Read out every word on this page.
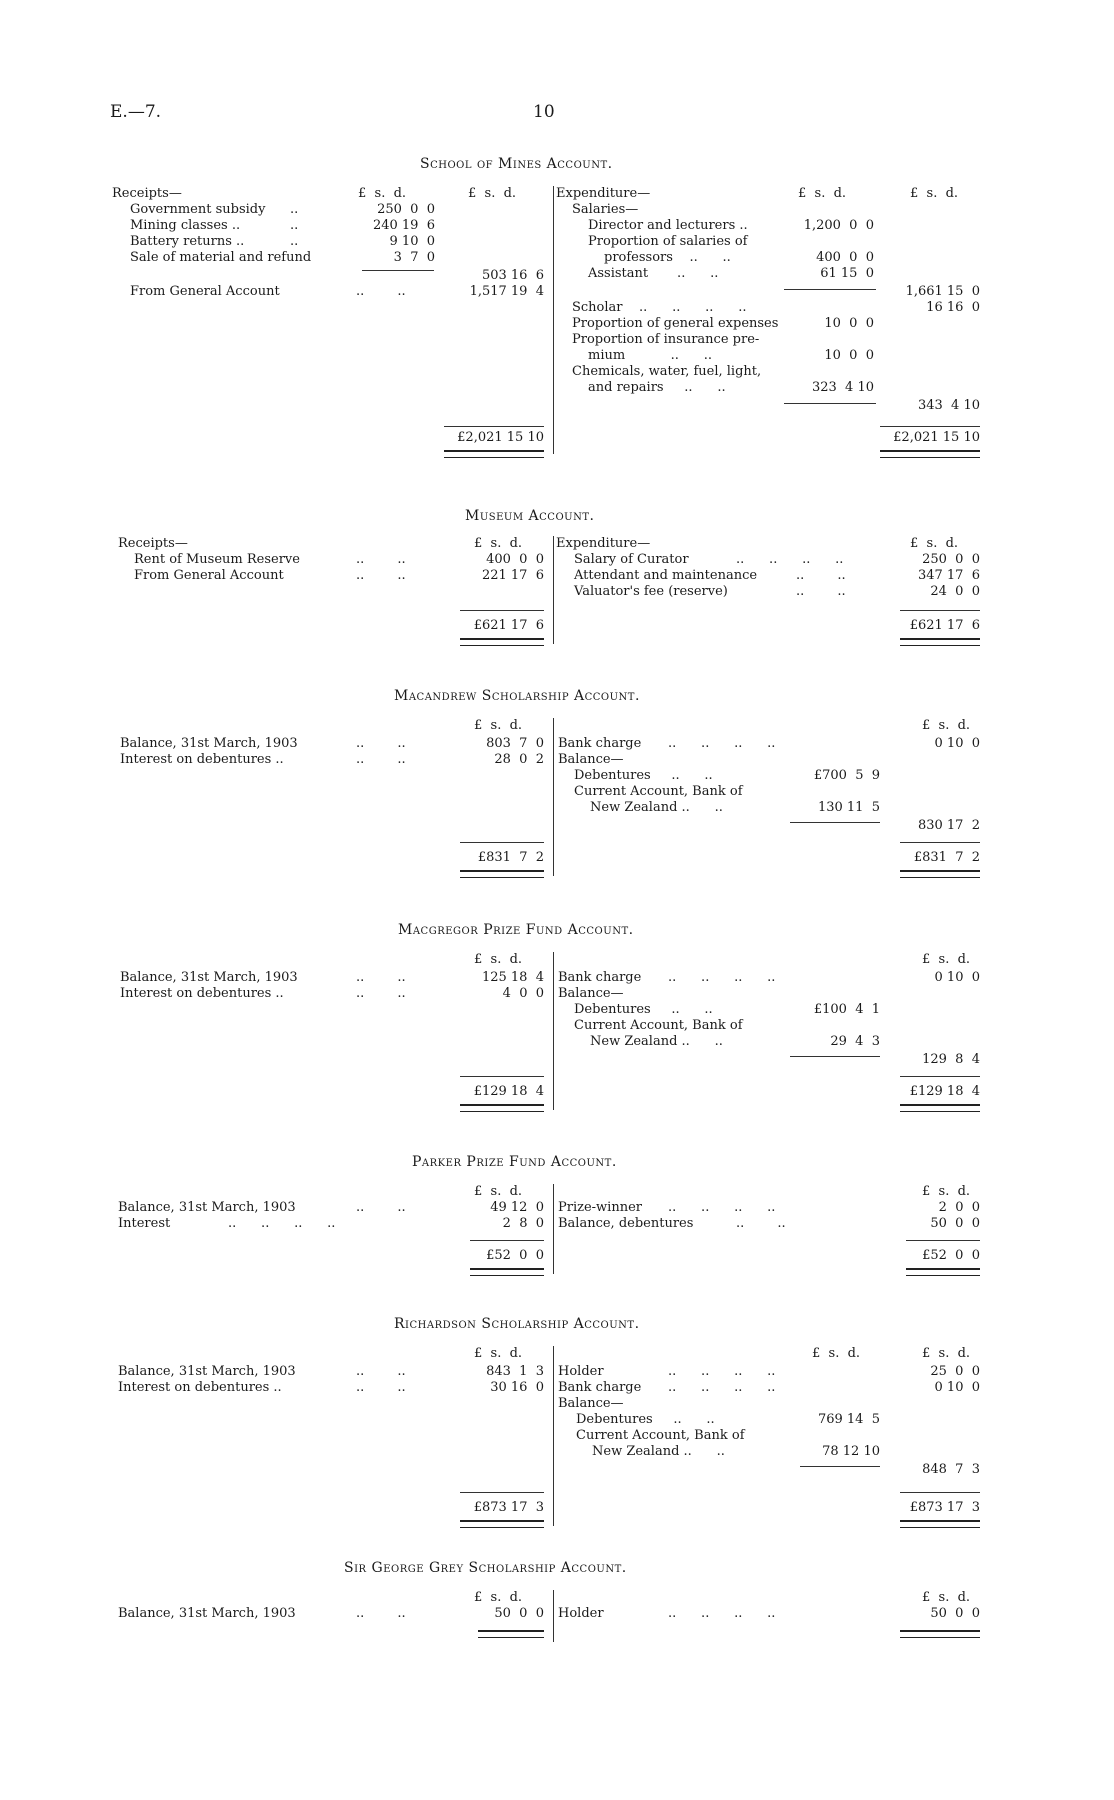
E.—7.	10
School of Mines Account.
Receipts—	£  s.  d.	£  s.  d.
Government subsidy ..	250  0  0
Mining classes ..	..	240 19  6
Battery returns ..	..	9 10  0
Sale of material and refund	3  7  0
503 16  6
From General Account	..        ..	1,517 19  4
£2,021 15 10
Expenditure—	£  s.  d.	£  s.  d.
Salaries—
Director and lecturers ..	1,200  0  0
Proportion of salaries of
professors    ..      ..	400  0  0
Assistant       ..      ..	61 15  0
1,661 15  0
Scholar    ..      ..      ..      ..	16 16  0
Proportion of general expenses	10  0  0
Proportion of insurance pre-
mium           ..      ..	10  0  0
Chemicals, water, fuel, light,
and repairs     ..      ..	323  4 10
343  4 10
£2,021 15 10
Museum Account.
Receipts—	£  s.  d.
Rent of Museum Reserve	..        ..	400  0  0
From General Account	..        ..	221 17  6
£621 17  6
Expenditure—	£  s.  d.
Salary of Curator	..      ..      ..      ..	250  0  0
Attendant and maintenance	..        ..	347 17  6
Valuator's fee (reserve)	..        ..	24  0  0
£621 17  6
Macandrew Scholarship Account.
£  s.  d.
Balance, 31st March, 1903	..        ..	803  7  0
Interest on debentures ..	..        ..	28  0  2
£831  7  2
£  s.  d.
Bank charge ..      ..      ..      ..	0 10  0
Balance—
Debentures     ..      ..	£700  5  9
Current Account, Bank of
New Zealand ..      ..	130 11  5
830 17  2
£831  7  2
Macgregor Prize Fund Account.
£  s.  d.
Balance, 31st March, 1903	..        ..	125 18  4
Interest on debentures ..	..        ..	4  0  0
£129 18  4
£  s.  d.
Bank charge ..      ..      ..      ..	0 10  0
Balance—
Debentures     ..      ..	£100  4  1
Current Account, Bank of
New Zealand ..      ..	29  4  3
129  8  4
£129 18  4
Parker Prize Fund Account.
£  s.  d.
Balance, 31st March, 1903	..        ..	49 12  0
Interest	..      ..      ..      ..	2  8  0
£52  0  0
£  s.  d.
Prize-winner ..      ..      ..      ..	2  0  0
Balance, debentures	..        ..	50  0  0
£52  0  0
Richardson Scholarship Account.
£  s.  d.
Balance, 31st March, 1903	..        ..	843  1  3
Interest on debentures ..	..        ..	30 16  0
£873 17  3
£  s.  d.	£  s.  d.
Holder	..      ..      ..      ..	25  0  0
Bank charge ..      ..      ..      ..	0 10  0
Balance—
Debentures     ..      ..	769 14  5
Current Account, Bank of
New Zealand ..      ..	78 12 10
848  7  3
£873 17  3
Sir George Grey Scholarship Account.
£  s.  d.
Balance, 31st March, 1903	..        ..	50  0  0
£  s.  d.
Holder	..      ..      ..      ..	50  0  0
